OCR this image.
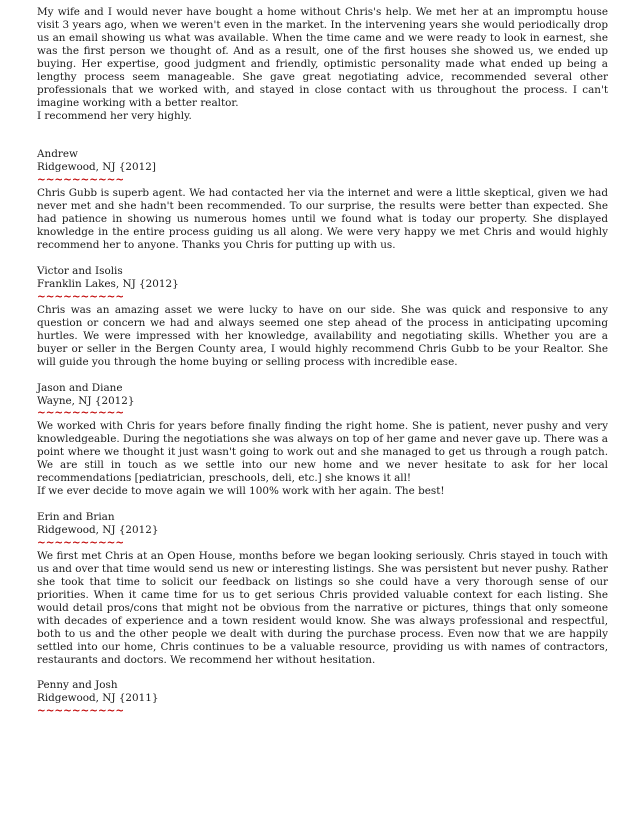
My wife and I would never have bought a home without Chris's help. We met her at an impromptu house visit 3 years ago, when we weren't even in the market. In the intervening years she would periodically drop us an email showing us what was available. When the time came and we were ready to look in earnest, she was the first person we thought of. And as a result, one of the first houses she showed us, we ended up buying. Her expertise, good judgment and friendly, optimistic personality made what ended up being a lengthy process seem manageable. She gave great negotiating advice, recommended several other professionals that we worked with, and stayed in close contact with us throughout the process. I can't imagine working with a better realtor.
I recommend her very highly.

Andrew

Ridgewood, NJ {2012]

~~~~~~~~~~

Chris Gubb is superb agent. We had contacted her via the internet and were a little skeptical, given we had never met and she hadn't been recommended. To our surprise, the results were better than expected. She had patience in showing us numerous homes until we found what is today our property. She displayed knowledge in the entire process guiding us all along. We were very happy we met Chris and would highly recommend her to anyone. Thanks you Chris for putting up with us.

Victor and Isolis

Franklin Lakes, NJ {2012}

~~~~~~~~~~

Chris was an amazing asset we were lucky to have on our side. She was quick and responsive to any question or concern we had and always seemed one step ahead of the process in anticipating upcoming hurtles. We were impressed with her knowledge, availability and negotiating skills. Whether you are a buyer or seller in the Bergen County area, I would highly recommend Chris Gubb to be your Realtor. She will guide you through the home buying or selling process with incredible ease.

Jason and Diane

Wayne, NJ {2012}

~~~~~~~~~~

We worked with Chris for years before finally finding the right home. She is patient, never pushy and very knowledgeable. During the negotiations she was always on top of her game and never gave up. There was a point where we thought it just wasn't going to work out and she managed to get us through a rough patch. We are still in touch as we settle into our new home and we never hesitate to ask for her local recommendations [pediatrician, preschools, deli, etc.] she knows it all!
If we ever decide to move again we will 100% work with her again. The best!

Erin and Brian

Ridgewood, NJ {2012}

~~~~~~~~~~

We first met Chris at an Open House, months before we began looking seriously. Chris stayed in touch with us and over that time would send us new or interesting listings. She was persistent but never pushy. Rather she took that time to solicit our feedback on listings so she could have a very thorough sense of our priorities. When it came time for us to get serious Chris provided valuable context for each listing. She would detail pros/cons that might not be obvious from the narrative or pictures, things that only someone with decades of experience and a town resident would know. She was always professional and respectful, both to us and the other people we dealt with during the purchase process. Even now that we are happily settled into our home, Chris continues to be a valuable resource, providing us with names of contractors, restaurants and doctors. We recommend her without hesitation.

Penny and Josh

Ridgewood, NJ {2011}

~~~~~~~~~~
